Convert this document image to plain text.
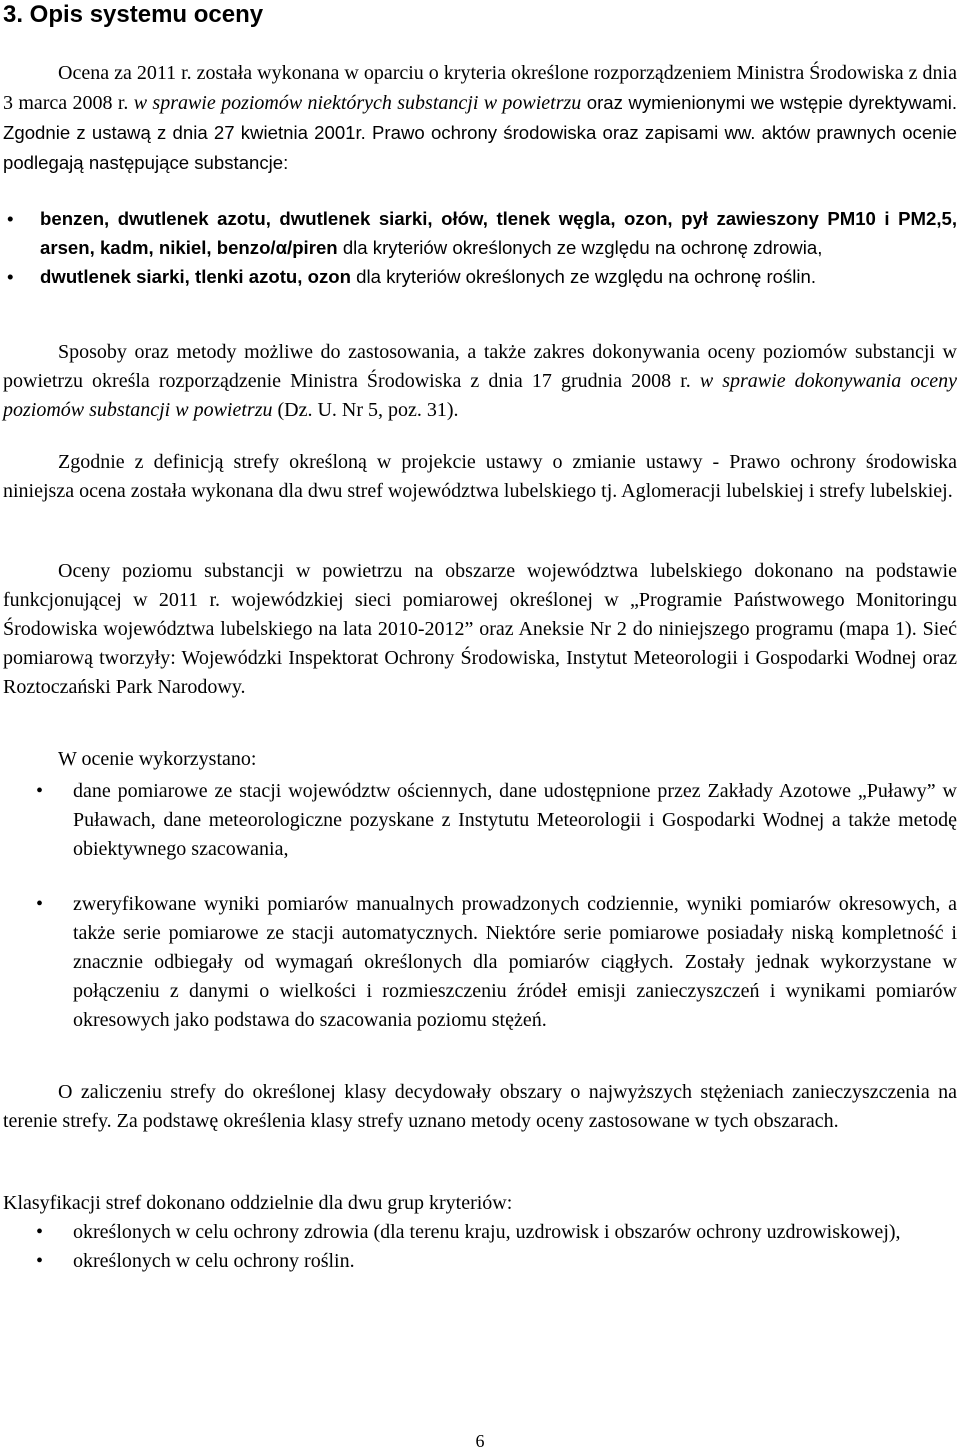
3. Opis systemu oceny

Ocena za 2011 r. została wykonana w oparciu o kryteria określone rozporządzeniem Ministra Środowiska z dnia 3 marca 2008 r. w sprawie poziomów niektórych substancji w powietrzu oraz wymienionymi we wstępie dyrektywami. Zgodnie z ustawą z dnia 27 kwietnia 2001r. Prawo ochrony środowiska oraz zapisami ww. aktów prawnych ocenie podlegają następujące substancje:

• benzen, dwutlenek azotu, dwutlenek siarki, ołów, tlenek węgla, ozon, pył zawieszony PM10 i PM2,5, arsen, kadm, nikiel, benzo/α/piren dla kryteriów określonych ze względu na ochronę zdrowia,
• dwutlenek siarki, tlenki azotu, ozon dla kryteriów określonych ze względu na ochronę roślin.

Sposoby oraz metody możliwe do zastosowania, a także zakres dokonywania oceny poziomów substancji w powietrzu określa rozporządzenie Ministra Środowiska z dnia 17 grudnia 2008 r. w sprawie dokonywania oceny poziomów substancji w powietrzu (Dz. U. Nr 5, poz. 31).

Zgodnie z definicją strefy określoną w projekcie ustawy o zmianie ustawy - Prawo ochrony środowiska niniejsza ocena została wykonana dla dwu stref województwa lubelskiego tj. Aglomeracji lubelskiej i strefy lubelskiej.

Oceny poziomu substancji w powietrzu na obszarze województwa lubelskiego dokonano na podstawie funkcjonującej w 2011 r. wojewódzkiej sieci pomiarowej określonej w „Programie Państwowego Monitoringu Środowiska województwa lubelskiego na lata 2010-2012” oraz Aneksie Nr 2 do niniejszego programu (mapa 1). Sieć pomiarową tworzyły: Wojewódzki Inspektorat Ochrony Środowiska, Instytut Meteorologii i Gospodarki Wodnej oraz Roztoczański Park Narodowy.

W ocenie wykorzystano:

• dane pomiarowe ze stacji województw ościennych, dane udostępnione przez Zakłady Azotowe „Puławy” w Puławach, dane meteorologiczne pozyskane z Instytutu Meteorologii i Gospodarki Wodnej a także metodę obiektywnego szacowania,
• zweryfikowane wyniki pomiarów manualnych prowadzonych codziennie, wyniki pomiarów okresowych, a także serie pomiarowe ze stacji automatycznych. Niektóre serie pomiarowe posiadały niską kompletność i znacznie odbiegały od wymagań określonych dla pomiarów ciągłych. Zostały jednak wykorzystane w połączeniu z danymi o wielkości i rozmieszczeniu źródeł emisji zanieczyszczeń i wynikami pomiarów okresowych jako podstawa do szacowania poziomu stężeń.

O zaliczeniu strefy do określonej klasy decydowały obszary o najwyższych stężeniach zanieczyszczenia na terenie strefy. Za podstawę określenia klasy strefy uznano metody oceny zastosowane w tych obszarach.

Klasyfikacji stref dokonano oddzielnie dla dwu grup kryteriów:

• określonych w celu ochrony zdrowia (dla terenu kraju, uzdrowisk i obszarów ochrony uzdrowiskowej),
• określonych w celu ochrony roślin.
6
